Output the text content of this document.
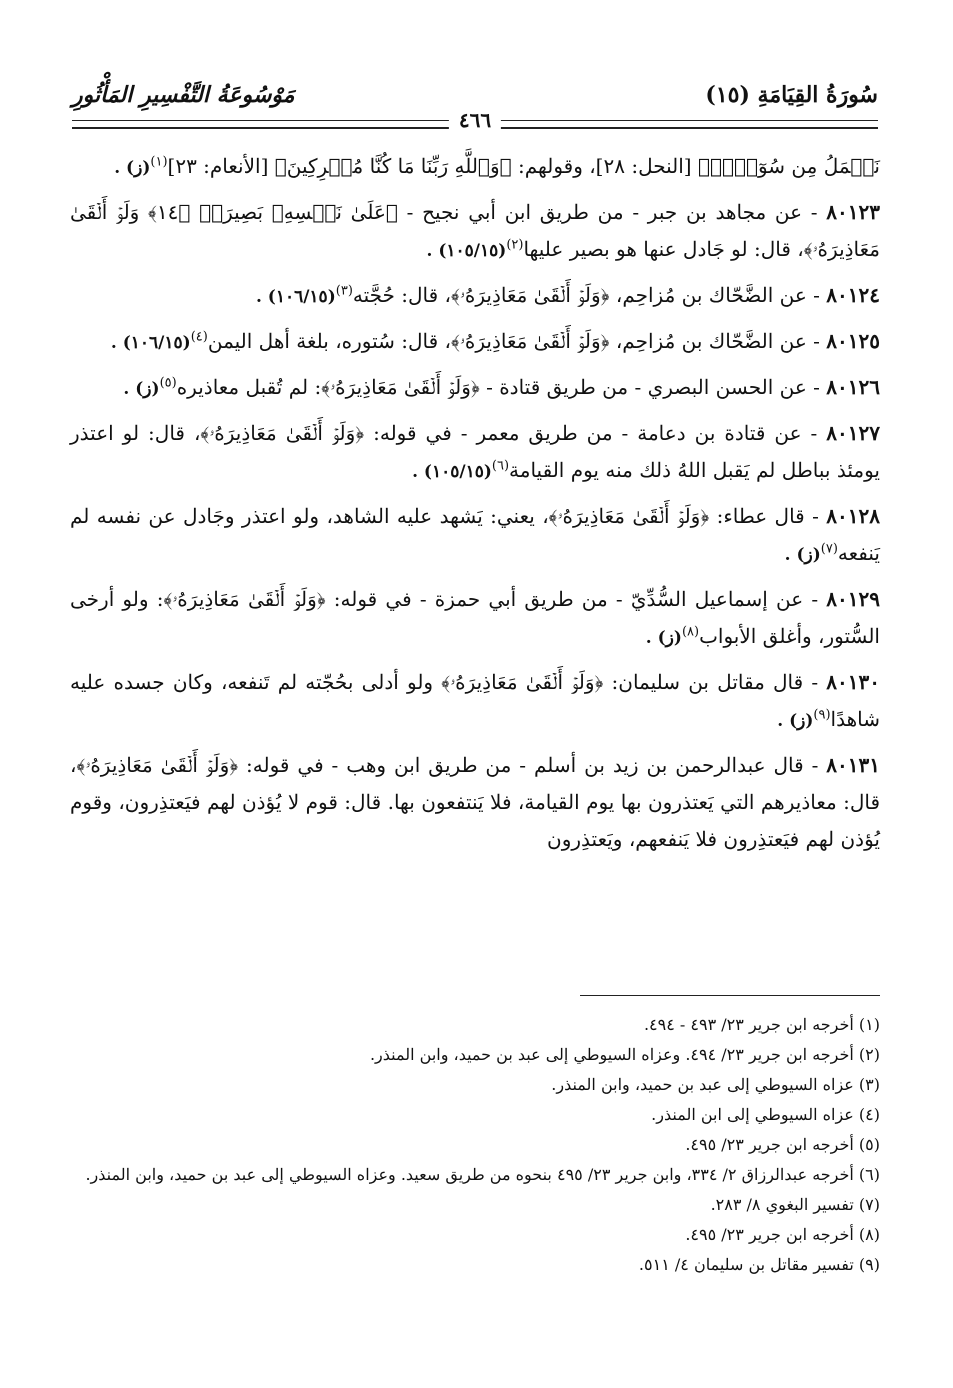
سُورَةُ القِيَامَةِ (١٥)
مَوْسُوعَةُ التَّفْسِيرِ المَأْثُورِ
٤٦٦

نَعۡمَلُ مِن سُوٓءِۭۚ﴾ [النحل: ٢٨]، وقولهم: ﴿وَٱللَّهِ رَبِّنَا مَا كُنَّا مُشۡرِكِينَ﴾ [الأنعام: ٢٣]$^{(١)}$. (ز)

٨٠١٢٣ - عن مجاهد بن جبر - من طريق ابن أبي نجيح - ﴿عَلَىٰ نَفۡسِهِۦ بَصِيرَةٞ ﴿١٤﴾ وَلَوۡ أَلۡقَىٰ مَعَاذِيرَهُۥ﴾، قال: لو جَادل عنها هو بصير عليها$^{(٢)}$. (١٠٥/١٥)

٨٠١٢٤ - عن الضَّحّاك بن مُزاحِم، ﴿وَلَوۡ أَلۡقَىٰ مَعَاذِيرَهُۥ﴾، قال: حُجَّته$^{(٣)}$. (١٠٦/١٥)

٨٠١٢٥ - عن الضَّحّاك بن مُزاحِم، ﴿وَلَوۡ أَلۡقَىٰ مَعَاذِيرَهُۥ﴾، قال: سُتوره، بلغة أهل اليمن$^{(٤)}$. (١٠٦/١٥)

٨٠١٢٦ - عن الحسن البصري - من طريق قتادة - ﴿وَلَوۡ أَلۡقَىٰ مَعَاذِيرَهُۥ﴾: لم تُقبل معاذيره$^{(٥)}$. (ز)

٨٠١٢٧ - عن قتادة بن دعامة - من طريق معمر - في قوله: ﴿وَلَوۡ أَلۡقَىٰ مَعَاذِيرَهُۥ﴾، قال: لو اعتذر يومئذ بباطل لم يَقبل اللهُ ذلك منه يوم القيامة$^{(٦)}$. (١٠٥/١٥)

٨٠١٢٨ - قال عطاء: ﴿وَلَوۡ أَلۡقَىٰ مَعَاذِيرَهُۥ﴾، يعني: يَشهد عليه الشاهد، ولو اعتذر وجَادل عن نفسه لم يَنفعه$^{(٧)}$. (ز)

٨٠١٢٩ - عن إسماعيل السُّدِّيّ - من طريق أبي حمزة - في قوله: ﴿وَلَوۡ أَلۡقَىٰ مَعَاذِيرَهُۥ﴾: ولو أرخى السُّتور، وأغلق الأبواب$^{(٨)}$. (ز)

٨٠١٣٠ - قال مقاتل بن سليمان: ﴿وَلَوۡ أَلۡقَىٰ مَعَاذِيرَهُۥ﴾ ولو أدلى بحُجّته لم تَنفعه، وكان جسده عليه شاهدًا$^{(٩)}$. (ز)

٨٠١٣١ - قال عبدالرحمن بن زيد بن أسلم - من طريق ابن وهب - في قوله: ﴿وَلَوۡ أَلۡقَىٰ مَعَاذِيرَهُۥ﴾، قال: معاذيرهم التي يَعتذرون بها يوم القيامة، فلا يَنتفعون بها. قال: قوم لا يُؤذن لهم فيَعتذِرون، وقوم يُؤذن لهم فيَعتذِرون فلا يَنفعهم، ويَعتذِرون

(١) أخرجه ابن جرير ٢٣/ ٤٩٣ - ٤٩٤.

(٢) أخرجه ابن جرير ٢٣/ ٤٩٤. وعزاه السيوطي إلى عبد بن حميد، وابن المنذر.

(٣) عزاه السيوطي إلى عبد بن حميد، وابن المنذر.

(٤) عزاه السيوطي إلى ابن المنذر.

(٥) أخرجه ابن جرير ٢٣/ ٤٩٥.

(٦) أخرجه عبدالرزاق ٢/ ٣٣٤، وابن جرير ٢٣/ ٤٩٥ بنحوه من طريق سعيد. وعزاه السيوطي إلى عبد بن حميد، وابن المنذر.

(٧) تفسير البغوي ٨/ ٢٨٣.

(٨) أخرجه ابن جرير ٢٣/ ٤٩٥.

(٩) تفسير مقاتل بن سليمان ٤/ ٥١١.
